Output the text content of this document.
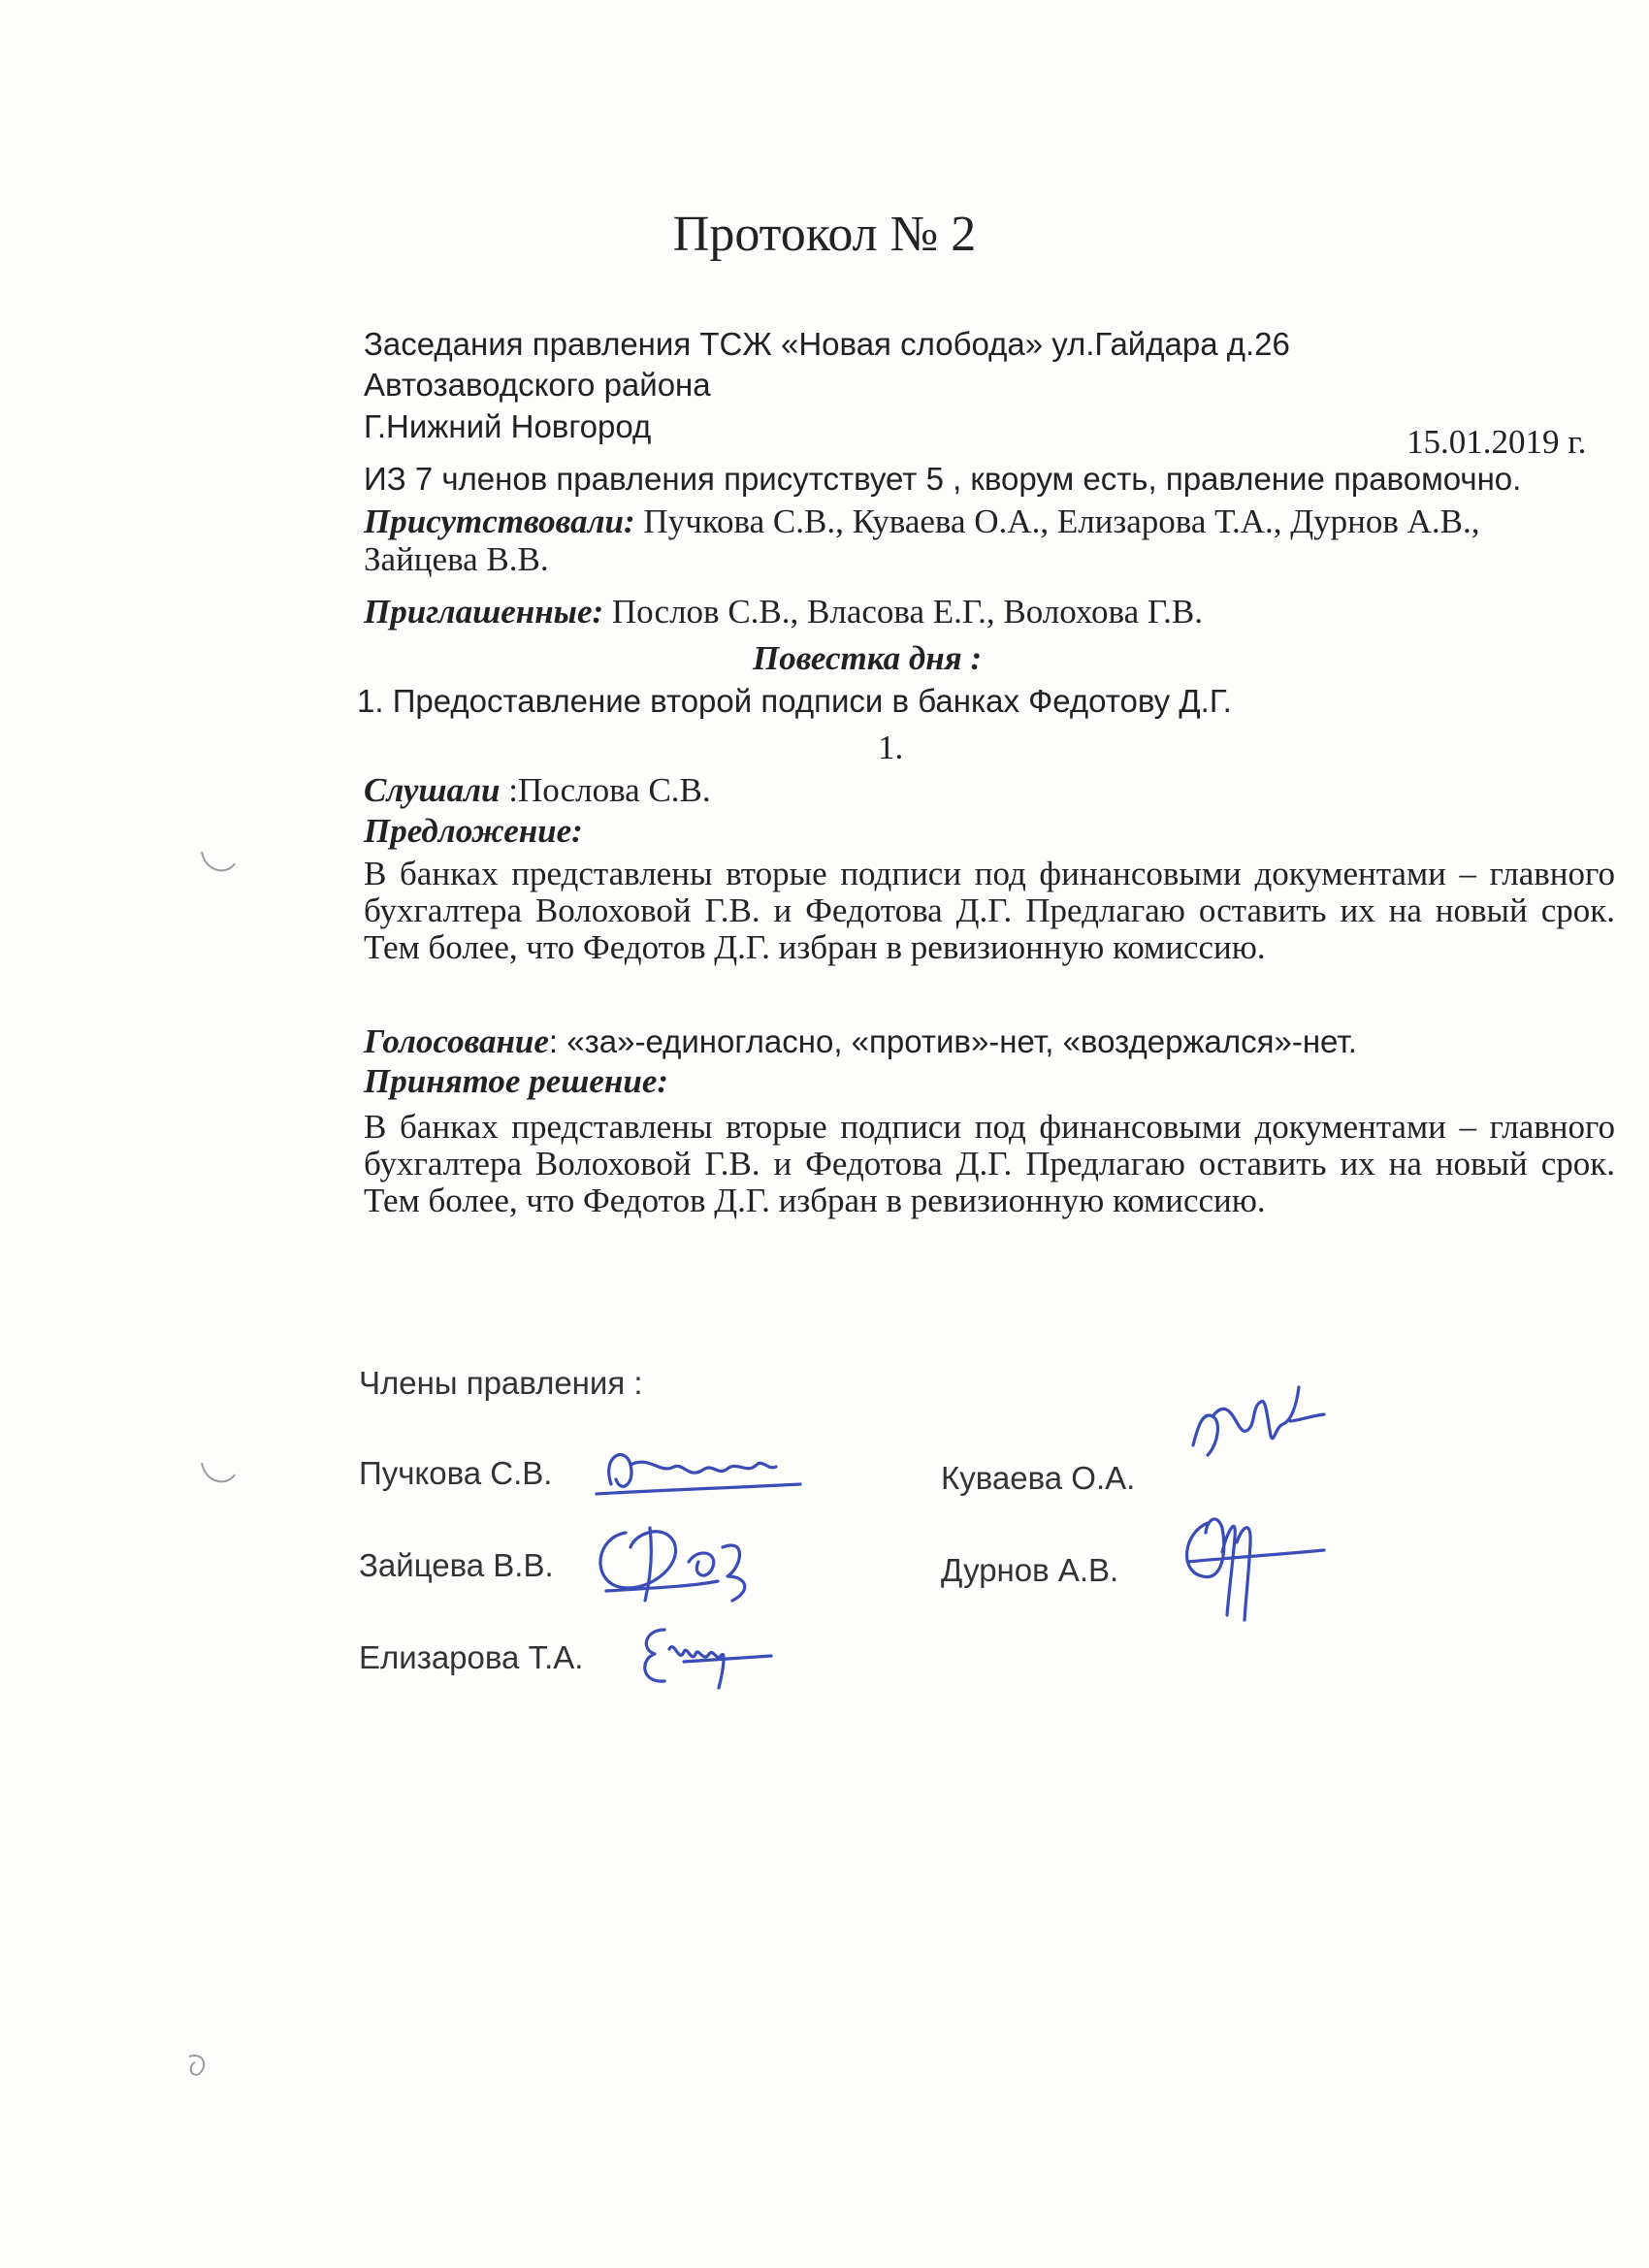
Протокол № 2
Заседания правления ТСЖ «Новая слобода» ул.Гайдара д.26
Автозаводского района
Г.Нижний Новгород	15.01.2019 г.
ИЗ 7 членов правления присутствует 5 , кворум есть, правление правомочно.
Присутствовали: Пучкова С.В., Куваева О.А., Елизарова Т.А., Дурнов А.В.,
Зайцева В.В.
Приглашенные: Послов С.В., Власова Е.Г., Волохова Г.В.
Повестка дня :
1. Предоставление второй подписи в банках Федотову Д.Г.
1.
Слушали :Послова С.В.
Предложение:
В банках представлены вторые подписи под финансовыми документами – главного бухгалтера Волоховой Г.В. и Федотова Д.Г. Предлагаю оставить их на новый срок. Тем более, что Федотов Д.Г. избран в ревизионную комиссию.
Голосование: «за»-единогласно, «против»-нет, «воздержался»-нет.
Принятое решение:
В банках представлены вторые подписи под финансовыми документами – главного бухгалтера Волоховой Г.В. и Федотова Д.Г. Предлагаю оставить их на новый срок. Тем более, что Федотов Д.Г. избран в ревизионную комиссию.
Члены правления :
Пучкова С.В.	Куваева О.А.
Зайцева В.В.	Дурнов А.В.
Елизарова Т.А.
